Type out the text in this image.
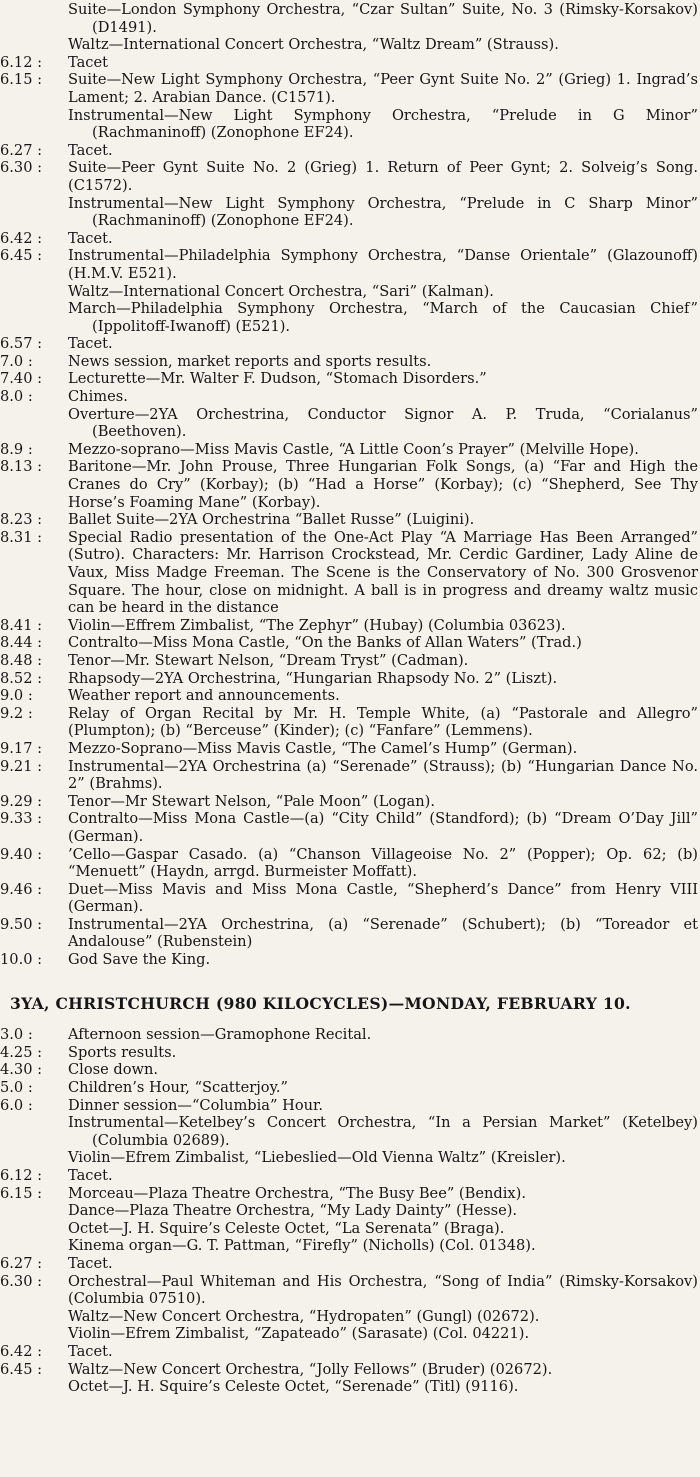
Suite—London Symphony Orchestra, “Czar Sultan” Suite, No. 3 (Rimsky-Korsakov) (D1491).

Waltz—International Concert Orchestra, “Waltz Dream” (Strauss).

6.12 : Tacet

6.15 : Suite—New Light Symphony Orchestra, “Peer Gynt Suite No. 2” (Grieg) 1. Ingrad’s Lament; 2. Arabian Dance. (C1571).

Instrumental—New Light Symphony Orchestra, “Prelude in G Minor” (Rachmaninoff) (Zonophone EF24).

6.27 : Tacet.

6.30 : Suite—Peer Gynt Suite No. 2 (Grieg) 1. Return of Peer Gynt; 2. Solveig’s Song. (C1572).

Instrumental—New Light Symphony Orchestra, “Prelude in C Sharp Minor” (Rachmaninoff) (Zonophone EF24).

6.42 : Tacet.

6.45 : Instrumental—Philadelphia Symphony Orchestra, “Danse Orientale” (Glazounoff) (H.M.V. E521).

Waltz—International Concert Orchestra, “Sari” (Kalman).

March—Philadelphia Symphony Orchestra, “March of the Caucasian Chief” (Ippolitoff-Iwanoff) (E521).

6.57 : Tacet.

7.0 : News session, market reports and sports results.

7.40 : Lecturette—Mr. Walter F. Dudson, “Stomach Disorders.”

8.0 : Chimes.

Overture—2YA Orchestrina, Conductor Signor A. P. Truda, “Corialanus” (Beethoven).

8.9 : Mezzo-soprano—Miss Mavis Castle, “A Little Coon’s Prayer” (Melville Hope).

8.13 : Baritone—Mr. John Prouse, Three Hungarian Folk Songs, (a) “Far and High the Cranes do Cry” (Korbay); (b) “Had a Horse” (Korbay); (c) “Shepherd, See Thy Horse’s Foaming Mane” (Korbay).

8.23 : Ballet Suite—2YA Orchestrina “Ballet Russe” (Luigini).

8.31 : Special Radio presentation of the One-Act Play “A Marriage Has Been Arranged” (Sutro). Characters: Mr. Harrison Crockstead, Mr. Cerdic Gardiner, Lady Aline de Vaux, Miss Madge Freeman. The Scene is the Conservatory of No. 300 Grosvenor Square. The hour, close on midnight. A ball is in progress and dreamy waltz music can be heard in the distance

8.41 : Violin—Effrem Zimbalist, “The Zephyr” (Hubay) (Columbia 03623).

8.44 : Contralto—Miss Mona Castle, “On the Banks of Allan Waters” (Trad.)

8.48 : Tenor—Mr. Stewart Nelson, “Dream Tryst” (Cadman).

8.52 : Rhapsody—2YA Orchestrina, “Hungarian Rhapsody No. 2” (Liszt).

9.0 : Weather report and announcements.

9.2 : Relay of Organ Recital by Mr. H. Temple White, (a) “Pastorale and Allegro” (Plumpton); (b) “Berceuse” (Kinder); (c) “Fanfare” (Lemmens).

9.17 : Mezzo-Soprano—Miss Mavis Castle, “The Camel’s Hump” (German).

9.21 : Instrumental—2YA Orchestrina (a) “Serenade” (Strauss); (b) “Hungarian Dance No. 2” (Brahms).

9.29 : Tenor—Mr Stewart Nelson, “Pale Moon” (Logan).

9.33 : Contralto—Miss Mona Castle—(a) “City Child” (Standford); (b) “Dream O’Day Jill” (German).

9.40 : ’Cello—Gaspar Casado. (a) “Chanson Villageoise No. 2” (Popper); Op. 62; (b) “Menuett” (Haydn, arrgd. Burmeister Moffatt).

9.46 : Duet—Miss Mavis and Miss Mona Castle, “Shepherd’s Dance” from Henry VIII (German).

9.50 : Instrumental—2YA Orchestrina, (a) “Serenade” (Schubert); (b) “Toreador et Andalouse” (Rubenstein)

10.0 : God Save the King.

3YA, CHRISTCHURCH (980 KILOCYCLES)—MONDAY, FEBRUARY 10.

3.0 : Afternoon session—Gramophone Recital.

4.25 : Sports results.

4.30 : Close down.

5.0 : Children’s Hour, “Scatterjoy.”

6.0 : Dinner session—“Columbia” Hour.

Instrumental—Ketelbey’s Concert Orchestra, “In a Persian Market” (Ketelbey) (Columbia 02689).

Violin—Efrem Zimbalist, “Liebeslied—Old Vienna Waltz” (Kreisler).

6.12 : Tacet.

6.15 : Morceau—Plaza Theatre Orchestra, “The Busy Bee” (Bendix).

Dance—Plaza Theatre Orchestra, “My Lady Dainty” (Hesse).

Octet—J. H. Squire’s Celeste Octet, “La Serenata” (Braga).

Kinema organ—G. T. Pattman, “Firefly” (Nicholls) (Col. 01348).

6.27 : Tacet.

6.30 : Orchestral—Paul Whiteman and His Orchestra, “Song of India” (Rimsky-Korsakov) (Columbia 07510).

Waltz—New Concert Orchestra, “Hydropaten” (Gungl) (02672).

Violin—Efrem Zimbalist, “Zapateado” (Sarasate) (Col. 04221).

6.42 : Tacet.

6.45 : Waltz—New Concert Orchestra, “Jolly Fellows” (Bruder) (02672).

Octet—J. H. Squire’s Celeste Octet, “Serenade” (Titl) (9116).
